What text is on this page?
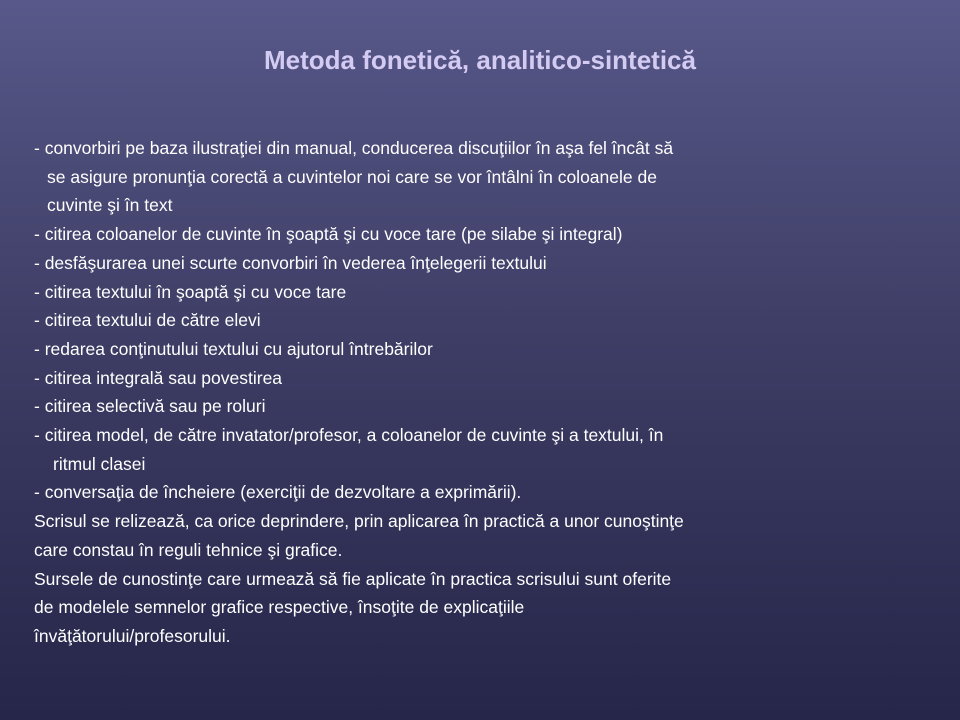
Metoda fonetică, analitico-sintetică
- convorbiri pe baza ilustraţiei din manual, conducerea discuţiilor în aşa fel încât să
se asigure pronunţia corectă a cuvintelor noi care se vor întâlni în coloanele de
cuvinte şi în text
- citirea coloanelor de cuvinte în şoaptă şi cu voce tare (pe silabe şi integral)
- desfăşurarea unei scurte convorbiri în vederea înţelegerii textului
- citirea textului în şoaptă şi cu voce tare
- citirea textului de către elevi
- redarea conţinutului textului cu ajutorul întrebărilor
- citirea integrală sau povestirea
- citirea selectivă sau pe roluri
- citirea model, de către invatator/profesor, a coloanelor de cuvinte şi a textului, în
ritmul clasei
- conversaţia de încheiere (exerciţii de dezvoltare a exprimării).
Scrisul se relizează, ca orice deprindere, prin aplicarea în practică a unor cunoştinţe
care constau în reguli tehnice şi grafice.
Sursele de cunostinţe care urmează să fie aplicate în practica scrisului sunt oferite
de modelele semnelor grafice respective, însoţite de explicaţiile
învăţătorului/profesorului.
